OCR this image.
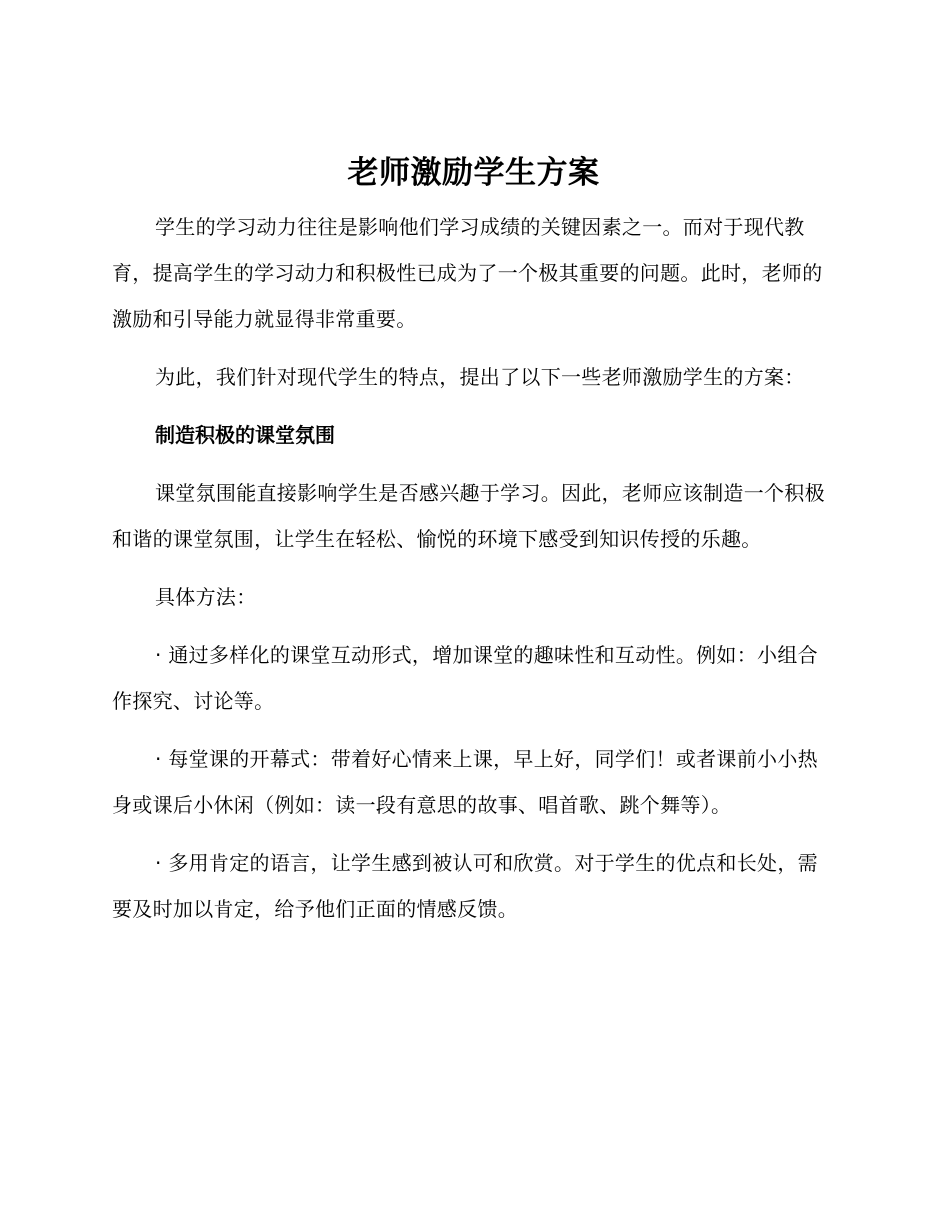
老师激励学生方案

学生的学习动力往往是影响他们学习成绩的关键因素之一。而对于现代教育，提高学生的学习动力和积极性已成为了一个极其重要的问题。此时，老师的激励和引导能力就显得非常重要。

为此，我们针对现代学生的特点，提出了以下一些老师激励学生的方案：

制造积极的课堂氛围

课堂氛围能直接影响学生是否感兴趣于学习。因此，老师应该制造一个积极和谐的课堂氛围，让学生在轻松、愉悦的环境下感受到知识传授的乐趣。

具体方法：

· 通过多样化的课堂互动形式，增加课堂的趣味性和互动性。例如：小组合作探究、讨论等。

· 每堂课的开幕式：带着好心情来上课，早上好，同学们！或者课前小小热身或课后小休闲（例如：读一段有意思的故事、唱首歌、跳个舞等）。

· 多用肯定的语言，让学生感到被认可和欣赏。对于学生的优点和长处，需要及时加以肯定，给予他们正面的情感反馈。
